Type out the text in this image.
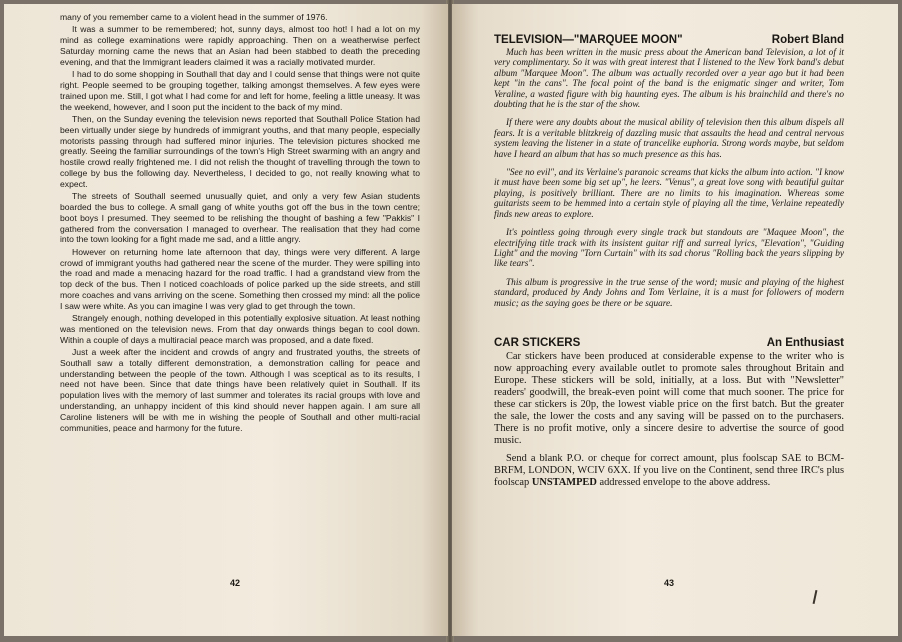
many of you remember came to a violent head in the summer of 1976.

It was a summer to be remembered; hot, sunny days, almost too hot! I had a lot on my mind as college examinations were rapidly approaching. Then on a weatherwise perfect Saturday morning came the news that an Asian had been stabbed to death the preceding evening, and that the Immigrant leaders claimed it was a racially motivated murder.

I had to do some shopping in Southall that day and I could sense that things were not quite right. People seemed to be grouping together, talking amongst themselves. A few eyes were trained upon me. Still, I got what I had come for and left for home, feeling a little uneasy. It was the weekend, however, and I soon put the incident to the back of my mind.

Then, on the Sunday evening the television news reported that Southall Police Station had been virtually under siege by hundreds of immigrant youths, and that many people, especially motorists passing through had suffered minor injuries. The television pictures shocked me greatly. Seeing the familiar surroundings of the town's High Street swarming with an angry and hostile crowd really frightened me. I did not relish the thought of travelling through the town to college by bus the following day. Nevertheless, I decided to go, not really knowing what to expect.

The streets of Southall seemed unusually quiet, and only a very few Asian students boarded the bus to college. A small gang of white youths got off the bus in the town centre; boot boys I presumed. They seemed to be relishing the thought of bashing a few "Pakkis" I gathered from the conversation I managed to overhear. The realisation that they had come into the town looking for a fight made me sad, and a little angry.

However on returning home late afternoon that day, things were very different. A large crowd of immigrant youths had gathered near the scene of the murder. They were spilling into the road and made a menacing hazard for the road traffic. I had a grandstand view from the top deck of the bus. Then I noticed coachloads of police parked up the side streets, and still more coaches and vans arriving on the scene. Something then crossed my mind: all the police I saw were white. As you can imagine I was very glad to get through the town.

Strangely enough, nothing developed in this potentially explosive situation. At least nothing was mentioned on the television news. From that day onwards things began to cool down. Within a couple of days a multiracial peace march was proposed, and a date fixed.

Just a week after the incident and crowds of angry and frustrated youths, the streets of Southall saw a totally different demonstration, a demonstration calling for peace and understanding between the people of the town. Although I was sceptical as to its results, I need not have been. Since that date things have been relatively quiet in Southall. If its population lives with the memory of last summer and tolerates its racial groups with love and understanding, an unhappy incident of this kind should never happen again. I am sure all Caroline listeners will be with me in wishing the people of Southall and other multi-racial communities, peace and harmony for the future.

42
TELEVISION—"MARQUEE MOON"	Robert Bland

Much has been written in the music press about the American band Television, a lot of it very complimentary. So it was with great interest that I listened to the New York band's debut album "Marquee Moon". The album was actually recorded over a year ago but it had been kept "in the cans". The focal point of the band is the enigmatic singer and writer, Tom Veraline, a wasted figure with big haunting eyes. The album is his brainchild and there's no doubting that he is the star of the show.

If there were any doubts about the musical ability of television then this album dispels all fears. It is a veritable blitzkreig of dazzling music that assaults the head and central nervous system leaving the listener in a state of trancelike euphoria. Strong words maybe, but seldom have I heard an album that has so much presence as this has.

"See no evil", and its Verlaine's paranoic screams that kicks the album into action. "I know it must have been some big set up", he leers. "Venus", a great love song with beautiful guitar playing, is positively brilliant. There are no limits to his imagination. Whereas some guitarists seem to be hemmed into a certain style of playing all the time, Verlaine repeatedly finds new areas to explore.

It's pointless going through every single track but standouts are "Maquee Moon", the electrifying title track with its insistent guitar riff and surreal lyrics, "Elevation", "Guiding Light" and the moving "Torn Curtain" with its sad chorus "Rolling back the years slipping by like tears".

This album is progressive in the true sense of the word; music and playing of the highest standard, produced by Andy Johns and Tom Verlaine, it is a must for followers of modern music; as the saying goes be there or be square.

CAR STICKERS	An Enthusiast

Car stickers have been produced at considerable expense to the writer who is now approaching every available outlet to promote sales throughout Britain and Europe. These stickers will be sold, initially, at a loss. But with "Newsletter" readers' goodwill, the break-even point will come that much sooner. The price for these car stickers is 20p, the lowest viable price on the first batch. But the greater the sale, the lower the costs and any saving will be passed on to the purchasers. There is no profit motive, only a sincere desire to advertise the source of good music.

Send a blank P.O. or cheque for correct amount, plus foolscap SAE to BCM-BRFM, LONDON, WCIV 6XX. If you live on the Continent, send three IRC's plus foolscap UNSTAMPED addressed envelope to the above address.

43
